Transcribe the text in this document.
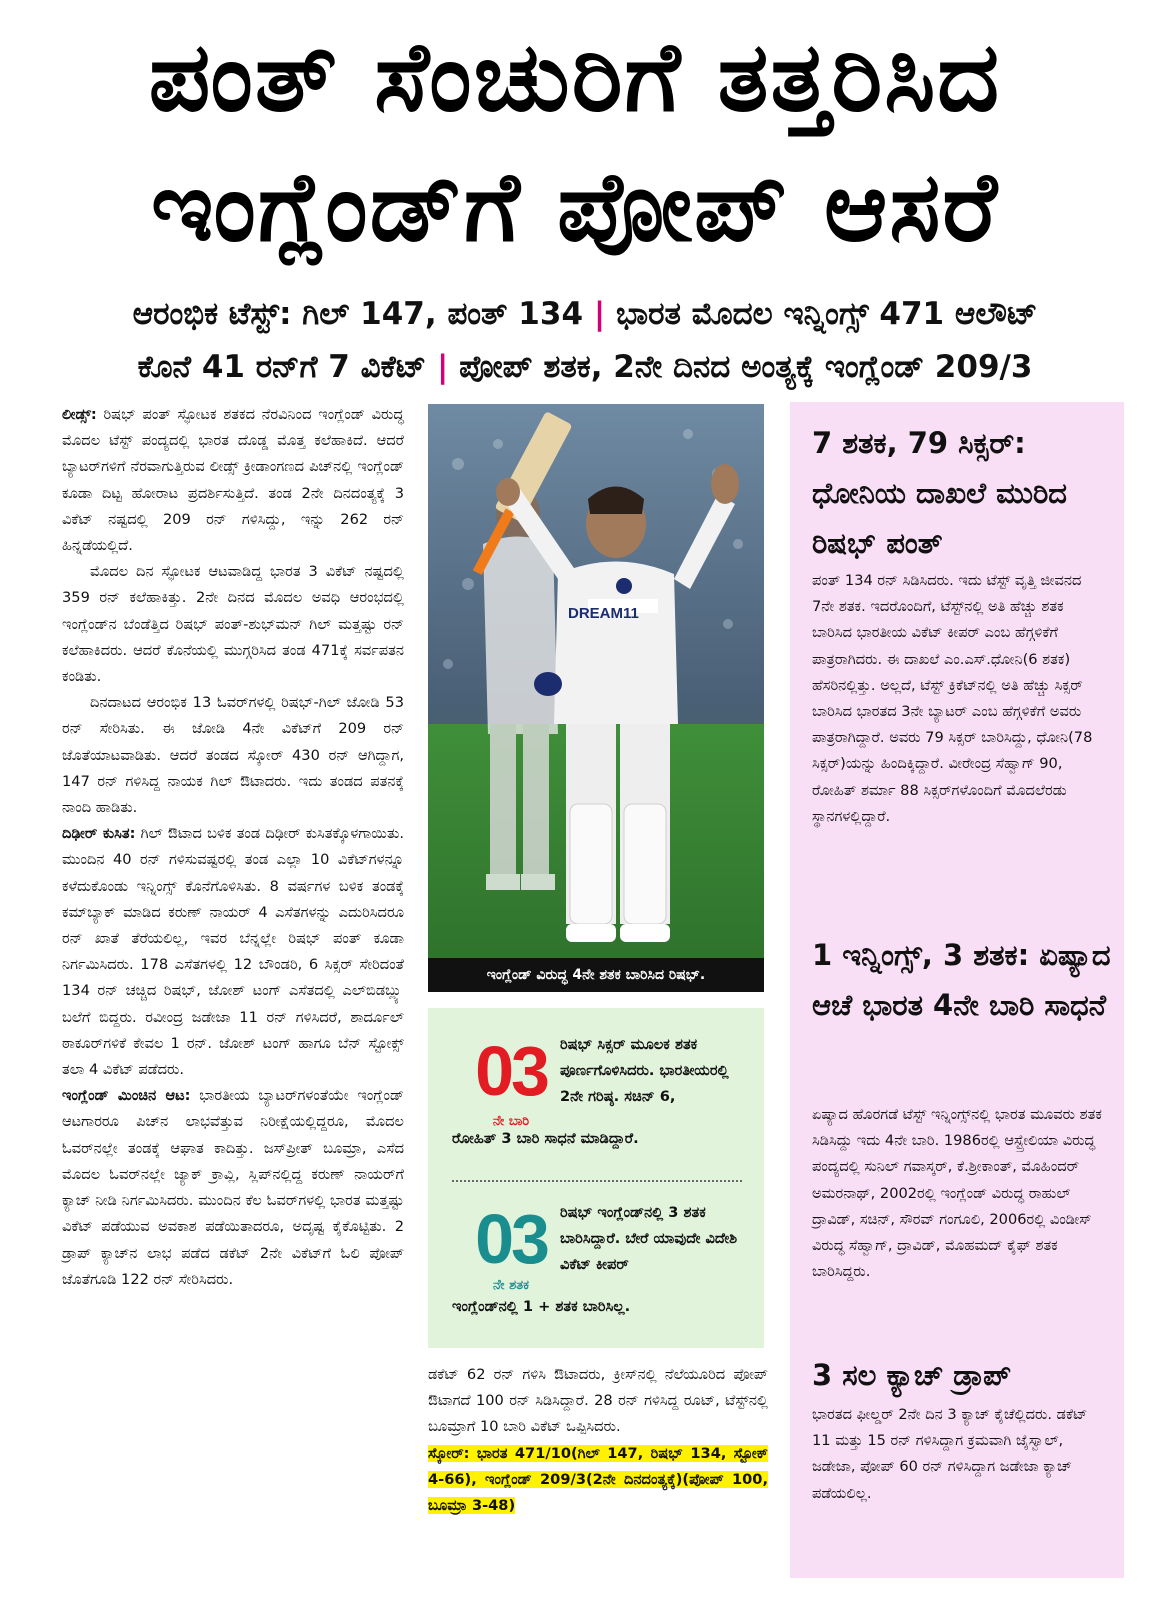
ಪಂತ್ ಸೆಂಚುರಿಗೆ ತತ್ತರಿಸಿದ
ಇಂಗ್ಲೆಂಡ್‌ಗೆ ಪೋಪ್ ಆಸರೆ
ಆರಂಭಿಕ ಟೆಸ್ಟ್: ಗಿಲ್ 147, ಪಂತ್ 134 | ಭಾರತ ಮೊದಲ ಇನ್ನಿಂಗ್ಸ್ 471 ಆಲೌಟ್
ಕೊನೆ 41 ರನ್‌ಗೆ 7 ವಿಕೆಟ್ | ಪೋಪ್ ಶತಕ, 2ನೇ ದಿನದ ಅಂತ್ಯಕ್ಕೆ ಇಂಗ್ಲೆಂಡ್ 209/3

ಲೀಡ್ಸ್: ರಿಷಭ್ ಪಂತ್ ಸ್ಫೋಟಕ ಶತಕದ ನೆರವಿನಿಂದ ಇಂಗ್ಲೆಂಡ್ ವಿರುದ್ಧ ಮೊದಲ ಟೆಸ್ಟ್ ಪಂದ್ಯದಲ್ಲಿ ಭಾರತ ದೊಡ್ಡ ಮೊತ್ತ ಕಲೆಹಾಕಿದೆ. ಆದರೆ ಬ್ಯಾಟರ್‌ಗಳಿಗೆ ನೆರವಾಗುತ್ತಿರುವ ಲೀಡ್ಸ್ ಕ್ರೀಡಾಂಗಣದ ಪಿಚ್‌ನಲ್ಲಿ ಇಂಗ್ಲೆಂಡ್ ಕೂಡಾ ದಿಟ್ಟ ಹೋರಾಟ ಪ್ರದರ್ಶಿಸುತ್ತಿದೆ. ತಂಡ 2ನೇ ದಿನದಂತ್ಯಕ್ಕೆ 3 ವಿಕೆಟ್ ನಷ್ಟದಲ್ಲಿ 209 ರನ್ ಗಳಿಸಿದ್ದು, ಇನ್ನು 262 ರನ್ ಹಿನ್ನಡೆಯಲ್ಲಿದೆ.

ಮೊದಲ ದಿನ ಸ್ಫೋಟಕ ಆಟವಾಡಿದ್ದ ಭಾರತ 3 ವಿಕೆಟ್ ನಷ್ಟದಲ್ಲಿ 359 ರನ್ ಕಲೆಹಾಕಿತ್ತು. 2ನೇ ದಿನದ ಮೊದಲ ಅವಧಿ ಆರಂಭದಲ್ಲಿ ಇಂಗ್ಲೆಂಡ್‌ನ ಬೆಂಡೆತ್ತಿದ ರಿಷಭ್ ಪಂತ್-ಶುಭ್‌ಮನ್ ಗಿಲ್ ಮತ್ತಷ್ಟು ರನ್ ಕಲೆಹಾಕಿದರು. ಆದರೆ ಕೊನೆಯಲ್ಲಿ ಮುಗ್ಗರಿಸಿದ ತಂಡ 471ಕ್ಕೆ ಸರ್ವಪತನ ಕಂಡಿತು.

ದಿನದಾಟದ ಆರಂಭಿಕ 13 ಓವರ್‌ಗಳಲ್ಲಿ ರಿಷಭ್-ಗಿಲ್ ಜೋಡಿ 53 ರನ್ ಸೇರಿಸಿತು. ಈ ಜೋಡಿ 4ನೇ ವಿಕೆಟ್‌ಗೆ 209 ರನ್ ಜೊತೆಯಾಟವಾಡಿತು. ಆದರೆ ತಂಡದ ಸ್ಕೋರ್ 430 ರನ್ ಆಗಿದ್ದಾಗ, 147 ರನ್ ಗಳಿಸಿದ್ದ ನಾಯಕ ಗಿಲ್ ಔಟಾದರು. ಇದು ತಂಡದ ಪತನಕ್ಕೆ ನಾಂದಿ ಹಾಡಿತು.

ದಿಢೀರ್ ಕುಸಿತ: ಗಿಲ್ ಔಟಾದ ಬಳಿಕ ತಂಡ ದಿಢೀರ್ ಕುಸಿತಕ್ಕೊಳಗಾಯಿತು. ಮುಂದಿನ 40 ರನ್ ಗಳಿಸುವಷ್ಟರಲ್ಲಿ ತಂಡ ಎಲ್ಲಾ 10 ವಿಕೆಟ್‌ಗಳನ್ನೂ ಕಳೆದುಕೊಂಡು ಇನ್ನಿಂಗ್ಸ್ ಕೊನೆಗೊಳಿಸಿತು. 8 ವರ್ಷಗಳ ಬಳಿಕ ತಂಡಕ್ಕೆ ಕಮ್‌ಬ್ಯಾಕ್ ಮಾಡಿದ ಕರುಣ್ ನಾಯರ್ 4 ಎಸೆತಗಳನ್ನು ಎದುರಿಸಿದರೂ ರನ್ ಖಾತೆ ತೆರೆಯಲಿಲ್ಲ, ಇವರ ಬೆನ್ನಲ್ಲೇ ರಿಷಭ್ ಪಂತ್ ಕೂಡಾ ನಿರ್ಗಮಿಸಿದರು. 178 ಎಸೆತಗಳಲ್ಲಿ 12 ಬೌಂಡರಿ, 6 ಸಿಕ್ಸರ್ ಸೇರಿದಂತೆ 134 ರನ್ ಚಚ್ಚಿದ ರಿಷಭ್, ಜೋಶ್ ಟಂಗ್ ಎಸೆತದಲ್ಲಿ ಎಲ್‌ಬಿಡಬ್ಲ್ಯು ಬಲೆಗೆ ಬಿದ್ದರು. ರವೀಂದ್ರ ಜಡೇಜಾ 11 ರನ್ ಗಳಿಸಿದರೆ, ಶಾರ್ದೂಲ್ ಠಾಕೂರ್‌ಗಳಿಕೆ ಕೇವಲ 1 ರನ್. ಜೋಶ್ ಟಂಗ್ ಹಾಗೂ ಬೆನ್ ಸ್ಟೋಕ್ಸ್ ತಲಾ 4 ವಿಕೆಟ್ ಪಡೆದರು.

ಇಂಗ್ಲೆಂಡ್ ಮಿಂಚಿನ ಆಟ: ಭಾರತೀಯ ಬ್ಯಾಟರ್‌ಗಳಂತೆಯೇ ಇಂಗ್ಲೆಂಡ್ ಆಟಗಾರರೂ ಪಿಚ್‌ನ ಲಾಭವೆತ್ತುವ ನಿರೀಕ್ಷೆಯಲ್ಲಿದ್ದರೂ, ಮೊದಲ ಓವರ್‌ನಲ್ಲೇ ತಂಡಕ್ಕೆ ಆಘಾತ ಕಾದಿತ್ತು. ಜಸ್‌ಪ್ರೀತ್ ಬೂಮ್ರಾ, ಎಸೆದ ಮೊದಲ ಓವರ್‌ನಲ್ಲೇ ಜ್ಯಾಕ್ ಕ್ರಾವ್ಲಿ, ಸ್ಲಿಪ್‌ನಲ್ಲಿದ್ದ ಕರುಣ್ ನಾಯರ್‌ಗೆ ಕ್ಯಾಚ್ ನೀಡಿ ನಿರ್ಗಮಿಸಿದರು. ಮುಂದಿನ ಕೆಲ ಓವರ್‌ಗಳಲ್ಲಿ ಭಾರತ ಮತ್ತಷ್ಟು ವಿಕೆಟ್ ಪಡೆಯುವ ಅವಕಾಶ ಪಡೆಯಿತಾದರೂ, ಅದೃಷ್ಟ ಕೈಕೊಟ್ಟಿತು. 2 ಡ್ರಾಪ್ ಕ್ಯಾಚ್‌ನ ಲಾಭ ಪಡೆದ ಡಕೆಟ್ 2ನೇ ವಿಕೆಟ್‌ಗೆ ಓಲಿ ಪೋಪ್ ಜೊತೆಗೂಡಿ 122 ರನ್ ಸೇರಿಸಿದರು.

DREAM11
ಇಂಗ್ಲೆಂಡ್ ವಿರುದ್ಧ 4ನೇ ಶತಕ ಬಾರಿಸಿದ ರಿಷಭ್.
03
ನೇ ಬಾರಿ
ರಿಷಭ್ ಸಿಕ್ಸರ್ ಮೂಲಕ ಶತಕ ಪೂರ್ಣಗೊಳಿಸಿದರು. ಭಾರತೀಯರಲ್ಲಿ 2ನೇ ಗರಿಷ್ಠ. ಸಚಿನ್ 6,
ರೋಹಿತ್ 3 ಬಾರಿ ಸಾಧನೆ ಮಾಡಿದ್ದಾರೆ.
03
ನೇ ಶತಕ
ರಿಷಭ್ ಇಂಗ್ಲೆಂಡ್‌ನಲ್ಲಿ 3 ಶತಕ ಬಾರಿಸಿದ್ದಾರೆ. ಬೇರೆ ಯಾವುದೇ ವಿದೇಶಿ ವಿಕೆಟ್ ಕೀಪರ್
ಇಂಗ್ಲೆಂಡ್‌ನಲ್ಲಿ 1 + ಶತಕ ಬಾರಿಸಿಲ್ಲ.

ಡಕೆಟ್ 62 ರನ್ ಗಳಿಸಿ ಔಟಾದರು, ಕ್ರೀಸ್‌ನಲ್ಲಿ ನೆಲೆಯೂರಿದ ಪೋಪ್ ಔಟಾಗದೆ 100 ರನ್ ಸಿಡಿಸಿದ್ದಾರೆ. 28 ರನ್ ಗಳಿಸಿದ್ದ ರೂಟ್, ಟೆಸ್ಟ್‌ನಲ್ಲಿ ಬೂಮ್ರಾಗೆ 10 ಬಾರಿ ವಿಕೆಟ್ ಒಪ್ಪಿಸಿದರು.

ಸ್ಕೋರ್: ಭಾರತ 471/10(ಗಿಲ್ 147, ರಿಷಭ್ 134, ಸ್ಟೋಕ್ 4-66), ಇಂಗ್ಲೆಂಡ್ 209/3(2ನೇ ದಿನದಂತ್ಯಕ್ಕೆ)(ಪೋಪ್ 100, ಬೂಮ್ರಾ 3-48)

7 ಶತಕ, 79 ಸಿಕ್ಸರ್: ಧೋನಿಯ ದಾಖಲೆ ಮುರಿದ ರಿಷಭ್ ಪಂತ್
ಪಂತ್ 134 ರನ್ ಸಿಡಿಸಿದರು. ಇದು ಟೆಸ್ಟ್ ವೃತ್ತಿ ಜೀವನದ 7ನೇ ಶತಕ. ಇದರೊಂದಿಗೆ, ಟೆಸ್ಟ್‌ನಲ್ಲಿ ಅತಿ ಹೆಚ್ಚು ಶತಕ ಬಾರಿಸಿದ ಭಾರತೀಯ ವಿಕೆಟ್ ಕೀಪರ್ ಎಂಬ ಹೆಗ್ಗಳಿಕೆಗೆ ಪಾತ್ರರಾಗಿದರು. ಈ ದಾಖಲೆ ಎಂ.ಎಸ್.ಧೋನಿ(6 ಶತಕ) ಹೆಸರಿನಲ್ಲಿತ್ತು. ಅಲ್ಲದೆ, ಟೆಸ್ಟ್ ಕ್ರಿಕೆಟ್‌ನಲ್ಲಿ ಅತಿ ಹೆಚ್ಚು ಸಿಕ್ಸರ್ ಬಾರಿಸಿದ ಭಾರತದ 3ನೇ ಬ್ಯಾಟರ್ ಎಂಬ ಹೆಗ್ಗಳಿಕೆಗೆ ಅವರು ಪಾತ್ರರಾಗಿದ್ದಾರೆ. ಅವರು 79 ಸಿಕ್ಸರ್ ಬಾರಿಸಿದ್ದು, ಧೋನಿ(78 ಸಿಕ್ಸರ್)ಯನ್ನು ಹಿಂದಿಕ್ಕಿದ್ದಾರೆ. ವೀರೇಂದ್ರ ಸೆಹ್ವಾಗ್ 90, ರೋಹಿತ್ ಶರ್ಮಾ 88 ಸಿಕ್ಸರ್‌ಗಳೊಂದಿಗೆ ಮೊದಲೆರಡು ಸ್ಥಾನಗಳಲ್ಲಿದ್ದಾರೆ.
1 ಇನ್ನಿಂಗ್ಸ್, 3 ಶತಕ: ಏಷ್ಯಾದ ಆಚೆ ಭಾರತ 4ನೇ ಬಾರಿ ಸಾಧನೆ
ಏಷ್ಯಾದ ಹೊರಗಡೆ ಟೆಸ್ಟ್ ಇನ್ನಿಂಗ್ಸ್‌ನಲ್ಲಿ ಭಾರತ ಮೂವರು ಶತಕ ಸಿಡಿಸಿದ್ದು ಇದು 4ನೇ ಬಾರಿ. 1986ರಲ್ಲಿ ಆಸ್ಟ್ರೇಲಿಯಾ ವಿರುದ್ಧ ಪಂದ್ಯದಲ್ಲಿ ಸುನಿಲ್ ಗವಾಸ್ಕರ್, ಕೆ.ಶ್ರೀಕಾಂತ್, ಮೊಹಿಂದರ್ ಅಮರನಾಥ್, 2002ರಲ್ಲಿ ಇಂಗ್ಲೆಂಡ್ ವಿರುದ್ಧ ರಾಹುಲ್ ದ್ರಾವಿಡ್, ಸಚಿನ್, ಸೌರವ್ ಗಂಗೂಲಿ, 2006ರಲ್ಲಿ ವಿಂಡೀಸ್ ವಿರುದ್ಧ ಸೆಹ್ವಾಗ್, ದ್ರಾವಿಡ್, ಮೊಹಮದ್ ಕೈಫ್ ಶತಕ ಬಾರಿಸಿದ್ದರು.
3 ಸಲ ಕ್ಯಾಚ್ ಡ್ರಾಪ್
ಭಾರತದ ಫೀಲ್ಡರ್ 2ನೇ ದಿನ 3 ಕ್ಯಾಚ್ ಕೈಚೆಲ್ಲಿದರು. ಡಕೆಟ್ 11 ಮತ್ತು 15 ರನ್ ಗಳಿಸಿದ್ದಾಗ ಕ್ರಮವಾಗಿ ಜೈಸ್ವಾಲ್, ಜಡೇಜಾ, ಪೋಪ್ 60 ರನ್ ಗಳಿಸಿದ್ದಾಗ ಜಡೇಜಾ ಕ್ಯಾಚ್ ಪಡೆಯಲಿಲ್ಲ.
